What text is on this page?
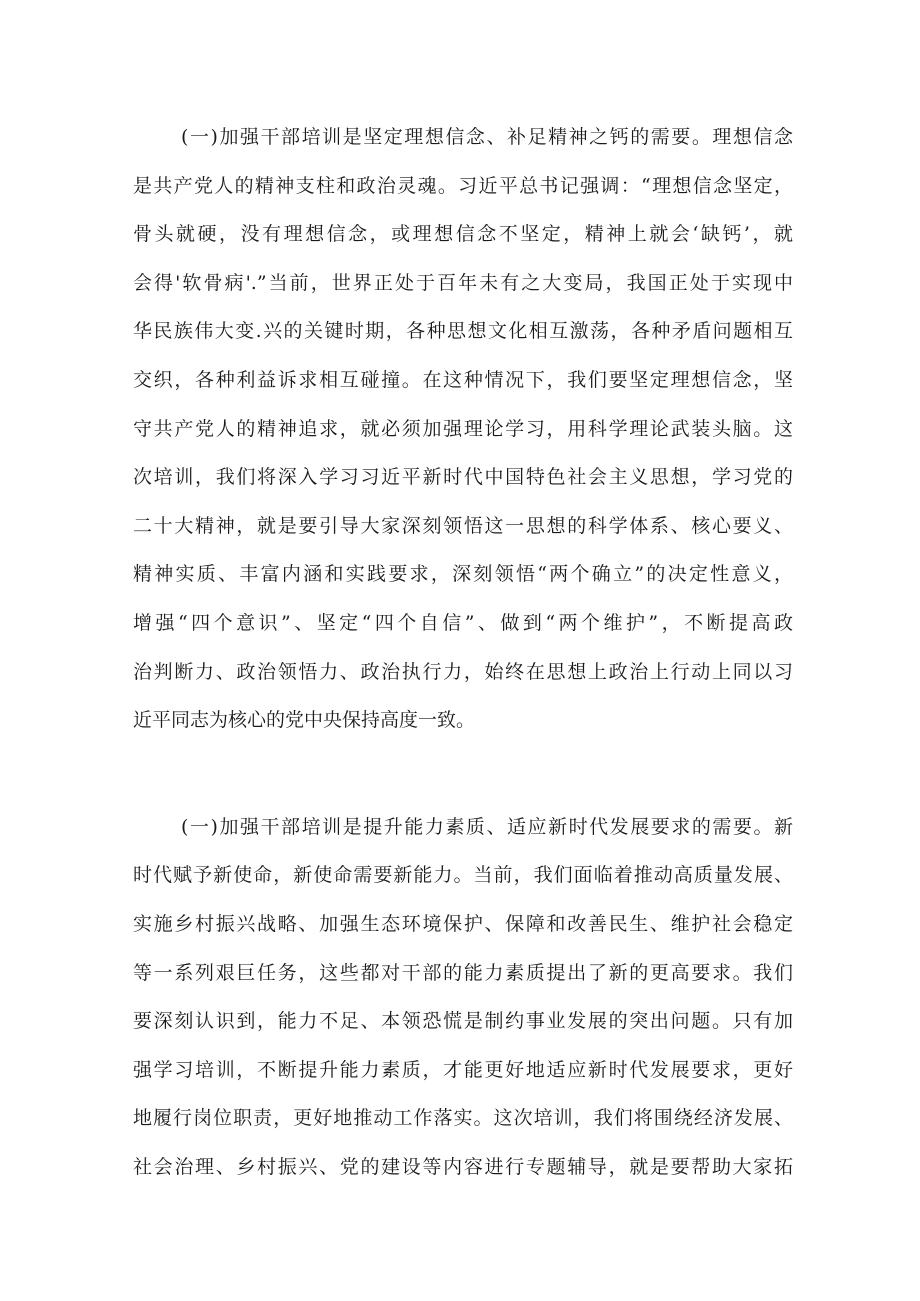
(一)加强干部培训是坚定理想信念、补足精神之钙的需要。理想信念
是共产党人的精神支柱和政治灵魂。习近平总书记强调：“理想信念坚定，
骨头就硬，没有理想信念，或理想信念不坚定，精神上就会‘缺钙’，就
会得'软骨病'.”当前，世界正处于百年未有之大变局，我国正处于实现中
华民族伟大变.兴的关键时期，各种思想文化相互激荡，各种矛盾问题相互
交织，各种利益诉求相互碰撞。在这种情况下，我们要坚定理想信念，坚
守共产党人的精神追求，就必须加强理论学习，用科学理论武装头脑。这
次培训，我们将深入学习习近平新时代中国特色社会主义思想，学习党的
二十大精神，就是要引导大家深刻领悟这一思想的科学体系、核心要义、
精神实质、丰富内涵和实践要求，深刻领悟“两个确立”的决定性意义，
增强“四个意识”、坚定“四个自信”、做到“两个维护”，不断提高政
治判断力、政治领悟力、政治执行力，始终在思想上政治上行动上同以习
近平同志为核心的党中央保持高度一致。

(一)加强干部培训是提升能力素质、适应新时代发展要求的需要。新
时代赋予新使命，新使命需要新能力。当前，我们面临着推动高质量发展、
实施乡村振兴战略、加强生态环境保护、保障和改善民生、维护社会稳定
等一系列艰巨任务，这些都对干部的能力素质提出了新的更高要求。我们
要深刻认识到，能力不足、本领恐慌是制约事业发展的突出问题。只有加
强学习培训，不断提升能力素质，才能更好地适应新时代发展要求，更好
地履行岗位职责，更好地推动工作落实。这次培训，我们将围绕经济发展、
社会治理、乡村振兴、党的建设等内容进行专题辅导，就是要帮助大家拓
